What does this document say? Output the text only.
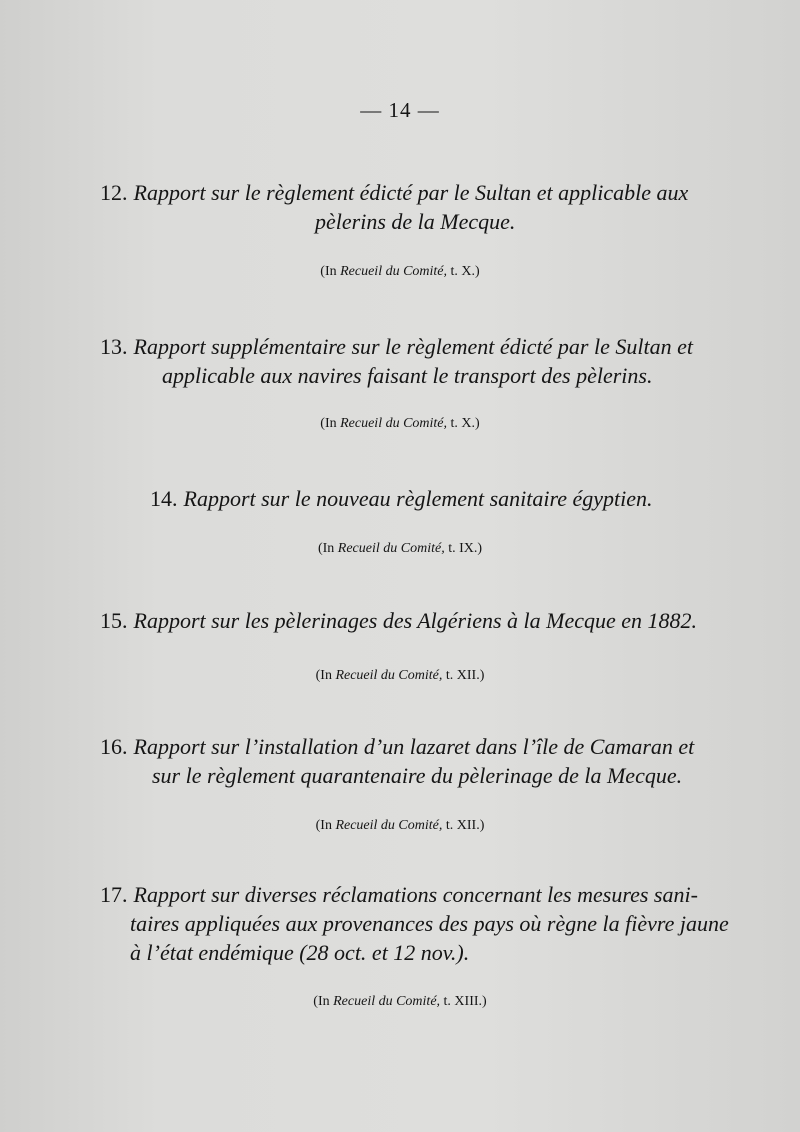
— 14 —
12. Rapport sur le règlement édicté par le Sultan et applicable aux
pèlerins de la Mecque.
(In Recueil du Comité, t. X.)
13. Rapport supplémentaire sur le règlement édicté par le Sultan et
applicable aux navires faisant le transport des pèlerins.
(In Recueil du Comité, t. X.)
14. Rapport sur le nouveau règlement sanitaire égyptien.
(In Recueil du Comité, t. IX.)
15. Rapport sur les pèlerinages des Algériens à la Mecque en 1882.
(In Recueil du Comité, t. XII.)
16. Rapport sur l’installation d’un lazaret dans l’île de Camaran et
sur le règlement quarantenaire du pèlerinage de la Mecque.
(In Recueil du Comité, t. XII.)
17. Rapport sur diverses réclamations concernant les mesures sani-
taires appliquées aux provenances des pays où règne la fièvre jaune
à l’état endémique (28 oct. et 12 nov.).
(In Recueil du Comité, t. XIII.)
